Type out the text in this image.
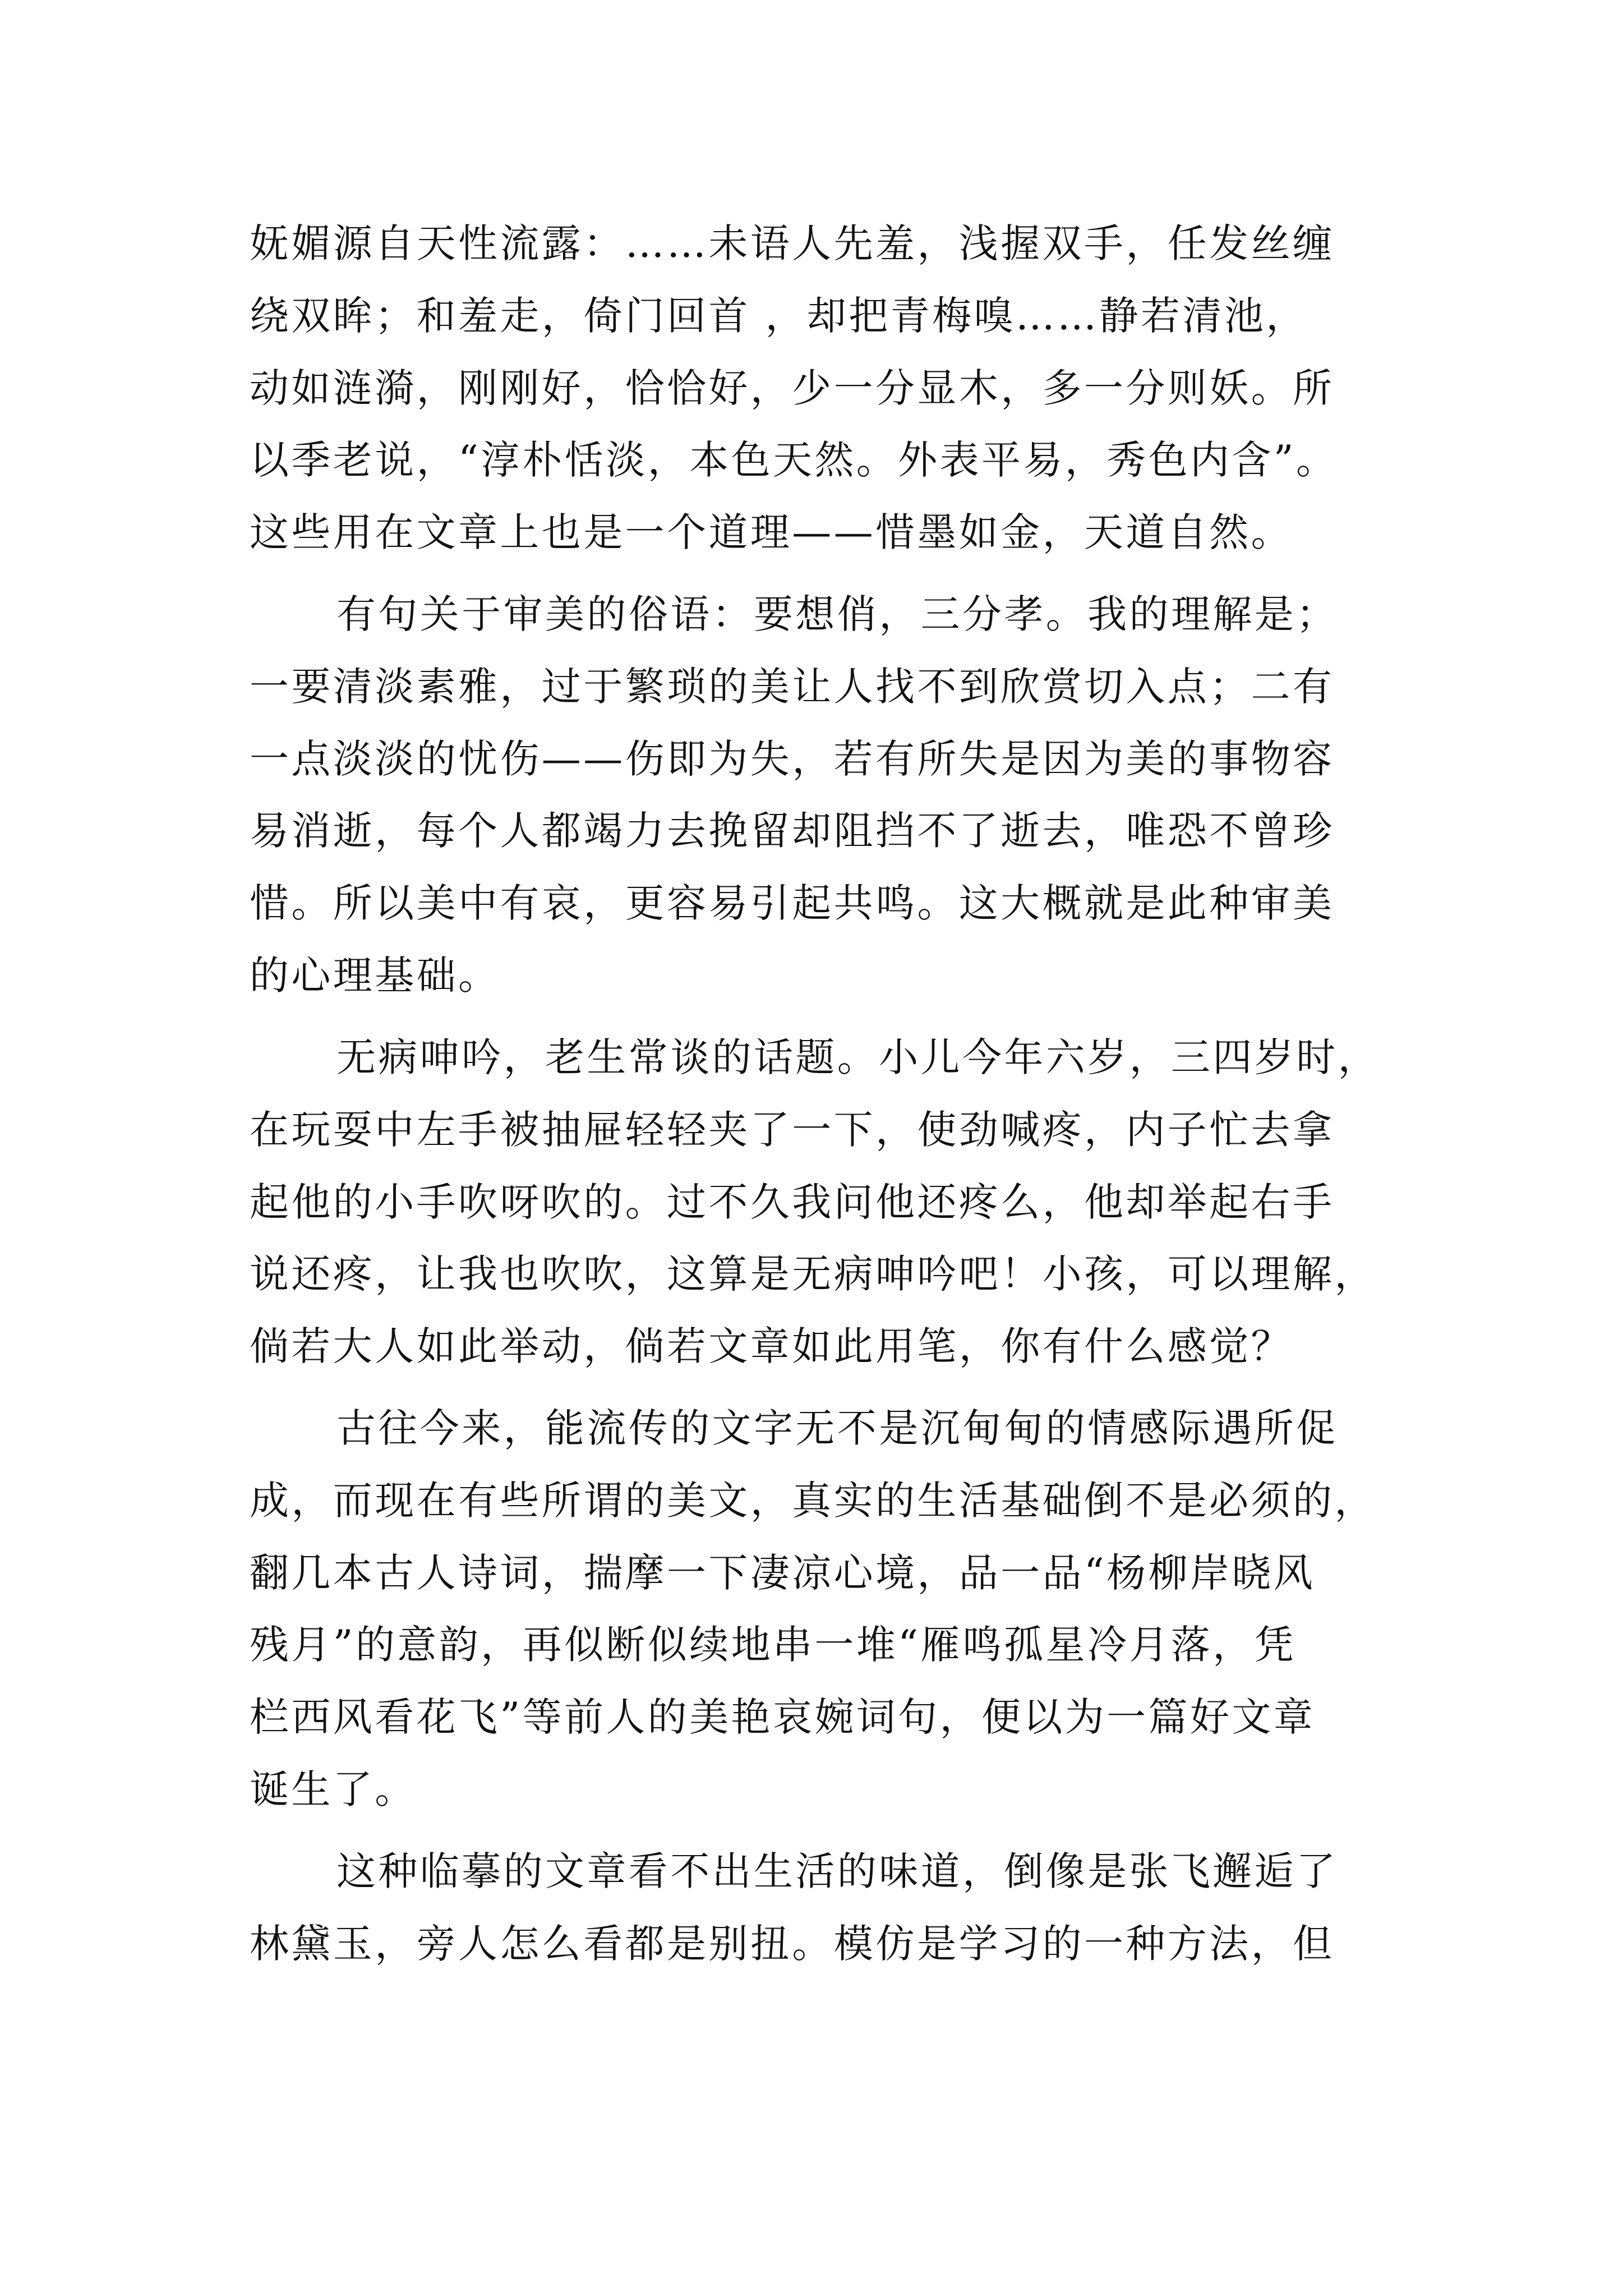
妩媚源自天性流露：……未语人先羞，浅握双手，任发丝缠
绕双眸；和羞走，倚门回首 ，却把青梅嗅……静若清池，
动如涟漪，刚刚好，恰恰好，少一分显木，多一分则妖。所
以季老说，“淳朴恬淡，本色天然。外表平易，秀色内含”。
这些用在文章上也是一个道理——惜墨如金，天道自然。
有句关于审美的俗语：要想俏，三分孝。我的理解是；
一要清淡素雅，过于繁琐的美让人找不到欣赏切入点；二有
一点淡淡的忧伤——伤即为失，若有所失是因为美的事物容
易消逝，每个人都竭力去挽留却阻挡不了逝去，唯恐不曾珍
惜。所以美中有哀，更容易引起共鸣。这大概就是此种审美
的心理基础。
无病呻吟，老生常谈的话题。小儿今年六岁，三四岁时，
在玩耍中左手被抽屉轻轻夹了一下，使劲喊疼，内子忙去拿
起他的小手吹呀吹的。过不久我问他还疼么，他却举起右手
说还疼，让我也吹吹，这算是无病呻吟吧！小孩，可以理解，
倘若大人如此举动，倘若文章如此用笔，你有什么感觉？
古往今来，能流传的文字无不是沉甸甸的情感际遇所促
成，而现在有些所谓的美文，真实的生活基础倒不是必须的，
翻几本古人诗词，揣摩一下凄凉心境，品一品“杨柳岸晓风
残月”的意韵，再似断似续地串一堆“雁鸣孤星冷月落，凭
栏西风看花飞”等前人的美艳哀婉词句，便以为一篇好文章
诞生了。
这种临摹的文章看不出生活的味道，倒像是张飞邂逅了
林黛玉，旁人怎么看都是别扭。模仿是学习的一种方法，但
